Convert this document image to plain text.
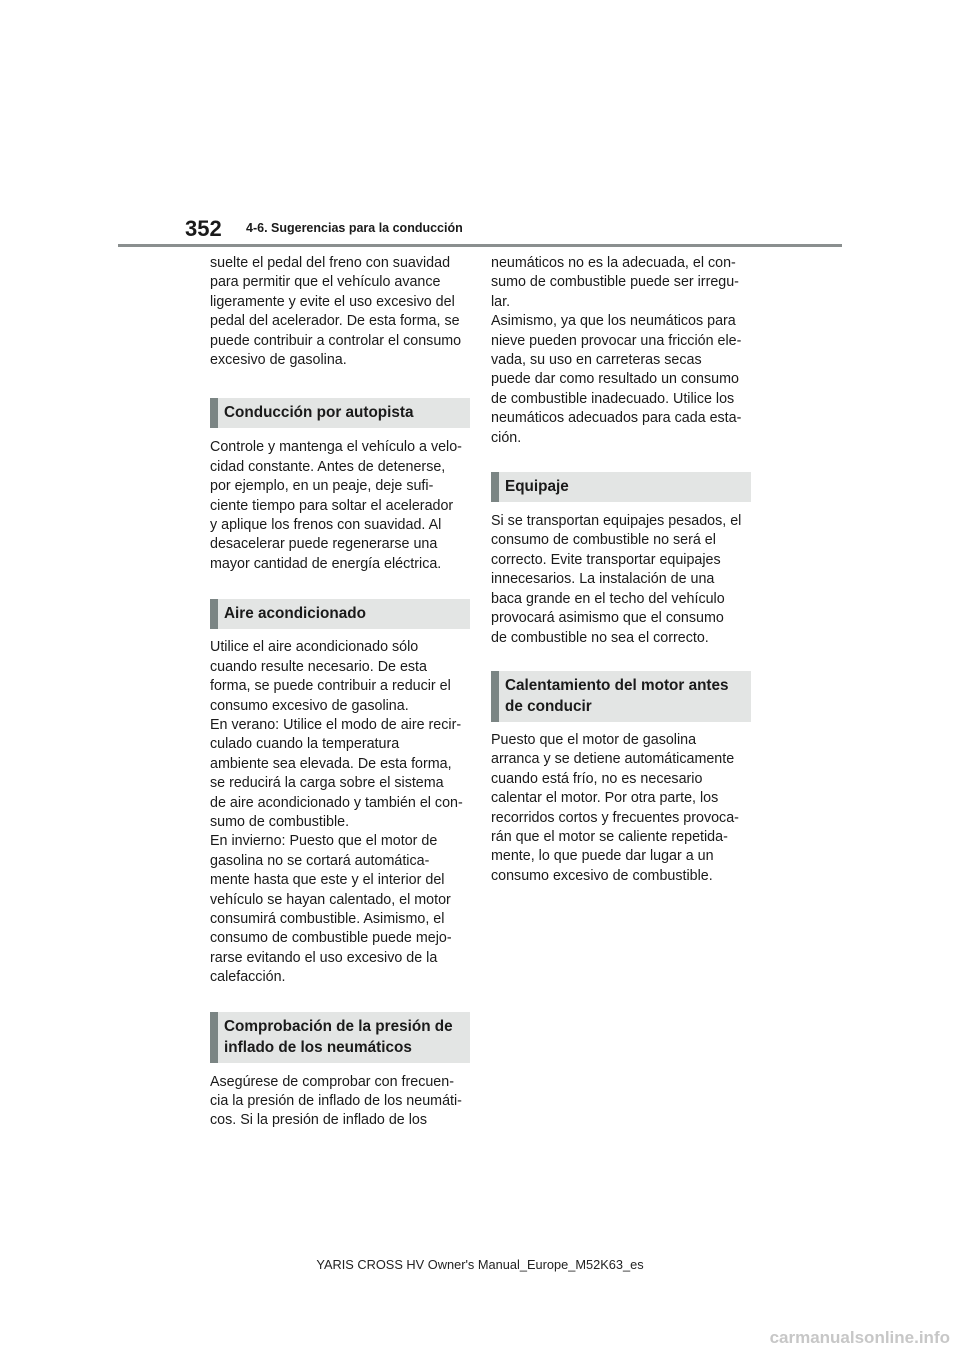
352 4-6. Sugerencias para la conducción

suelte el pedal del freno con suavidad
para permitir que el vehículo avance
ligeramente y evite el uso excesivo del
pedal del acelerador. De esta forma, se
puede contribuir a controlar el consumo
excesivo de gasolina.

Conducción por autopista

Controle y mantenga el vehículo a velo-
cidad constante. Antes de detenerse,
por ejemplo, en un peaje, deje sufi-
ciente tiempo para soltar el acelerador
y aplique los frenos con suavidad. Al
desacelerar puede regenerarse una
mayor cantidad de energía eléctrica.

Aire acondicionado

Utilice el aire acondicionado sólo
cuando resulte necesario. De esta
forma, se puede contribuir a reducir el
consumo excesivo de gasolina.
En verano: Utilice el modo de aire recir-
culado cuando la temperatura
ambiente sea elevada. De esta forma,
se reducirá la carga sobre el sistema
de aire acondicionado y también el con-
sumo de combustible.
En invierno: Puesto que el motor de
gasolina no se cortará automática-
mente hasta que este y el interior del
vehículo se hayan calentado, el motor
consumirá combustible. Asimismo, el
consumo de combustible puede mejo-
rarse evitando el uso excesivo de la
calefacción.

Comprobación de la presión de
inflado de los neumáticos

Asegúrese de comprobar con frecuen-
cia la presión de inflado de los neumáti-
cos. Si la presión de inflado de los

neumáticos no es la adecuada, el con-
sumo de combustible puede ser irregu-
lar.
Asimismo, ya que los neumáticos para
nieve pueden provocar una fricción ele-
vada, su uso en carreteras secas
puede dar como resultado un consumo
de combustible inadecuado. Utilice los
neumáticos adecuados para cada esta-
ción.

Equipaje

Si se transportan equipajes pesados, el
consumo de combustible no será el
correcto. Evite transportar equipajes
innecesarios. La instalación de una
baca grande en el techo del vehículo
provocará asimismo que el consumo
de combustible no sea el correcto.

Calentamiento del motor antes
de conducir

Puesto que el motor de gasolina
arranca y se detiene automáticamente
cuando está frío, no es necesario
calentar el motor. Por otra parte, los
recorridos cortos y frecuentes provoca-
rán que el motor se caliente repetida-
mente, lo que puede dar lugar a un
consumo excesivo de combustible.

YARIS CROSS HV Owner's Manual_Europe_M52K63_es
carmanualsonline.info
